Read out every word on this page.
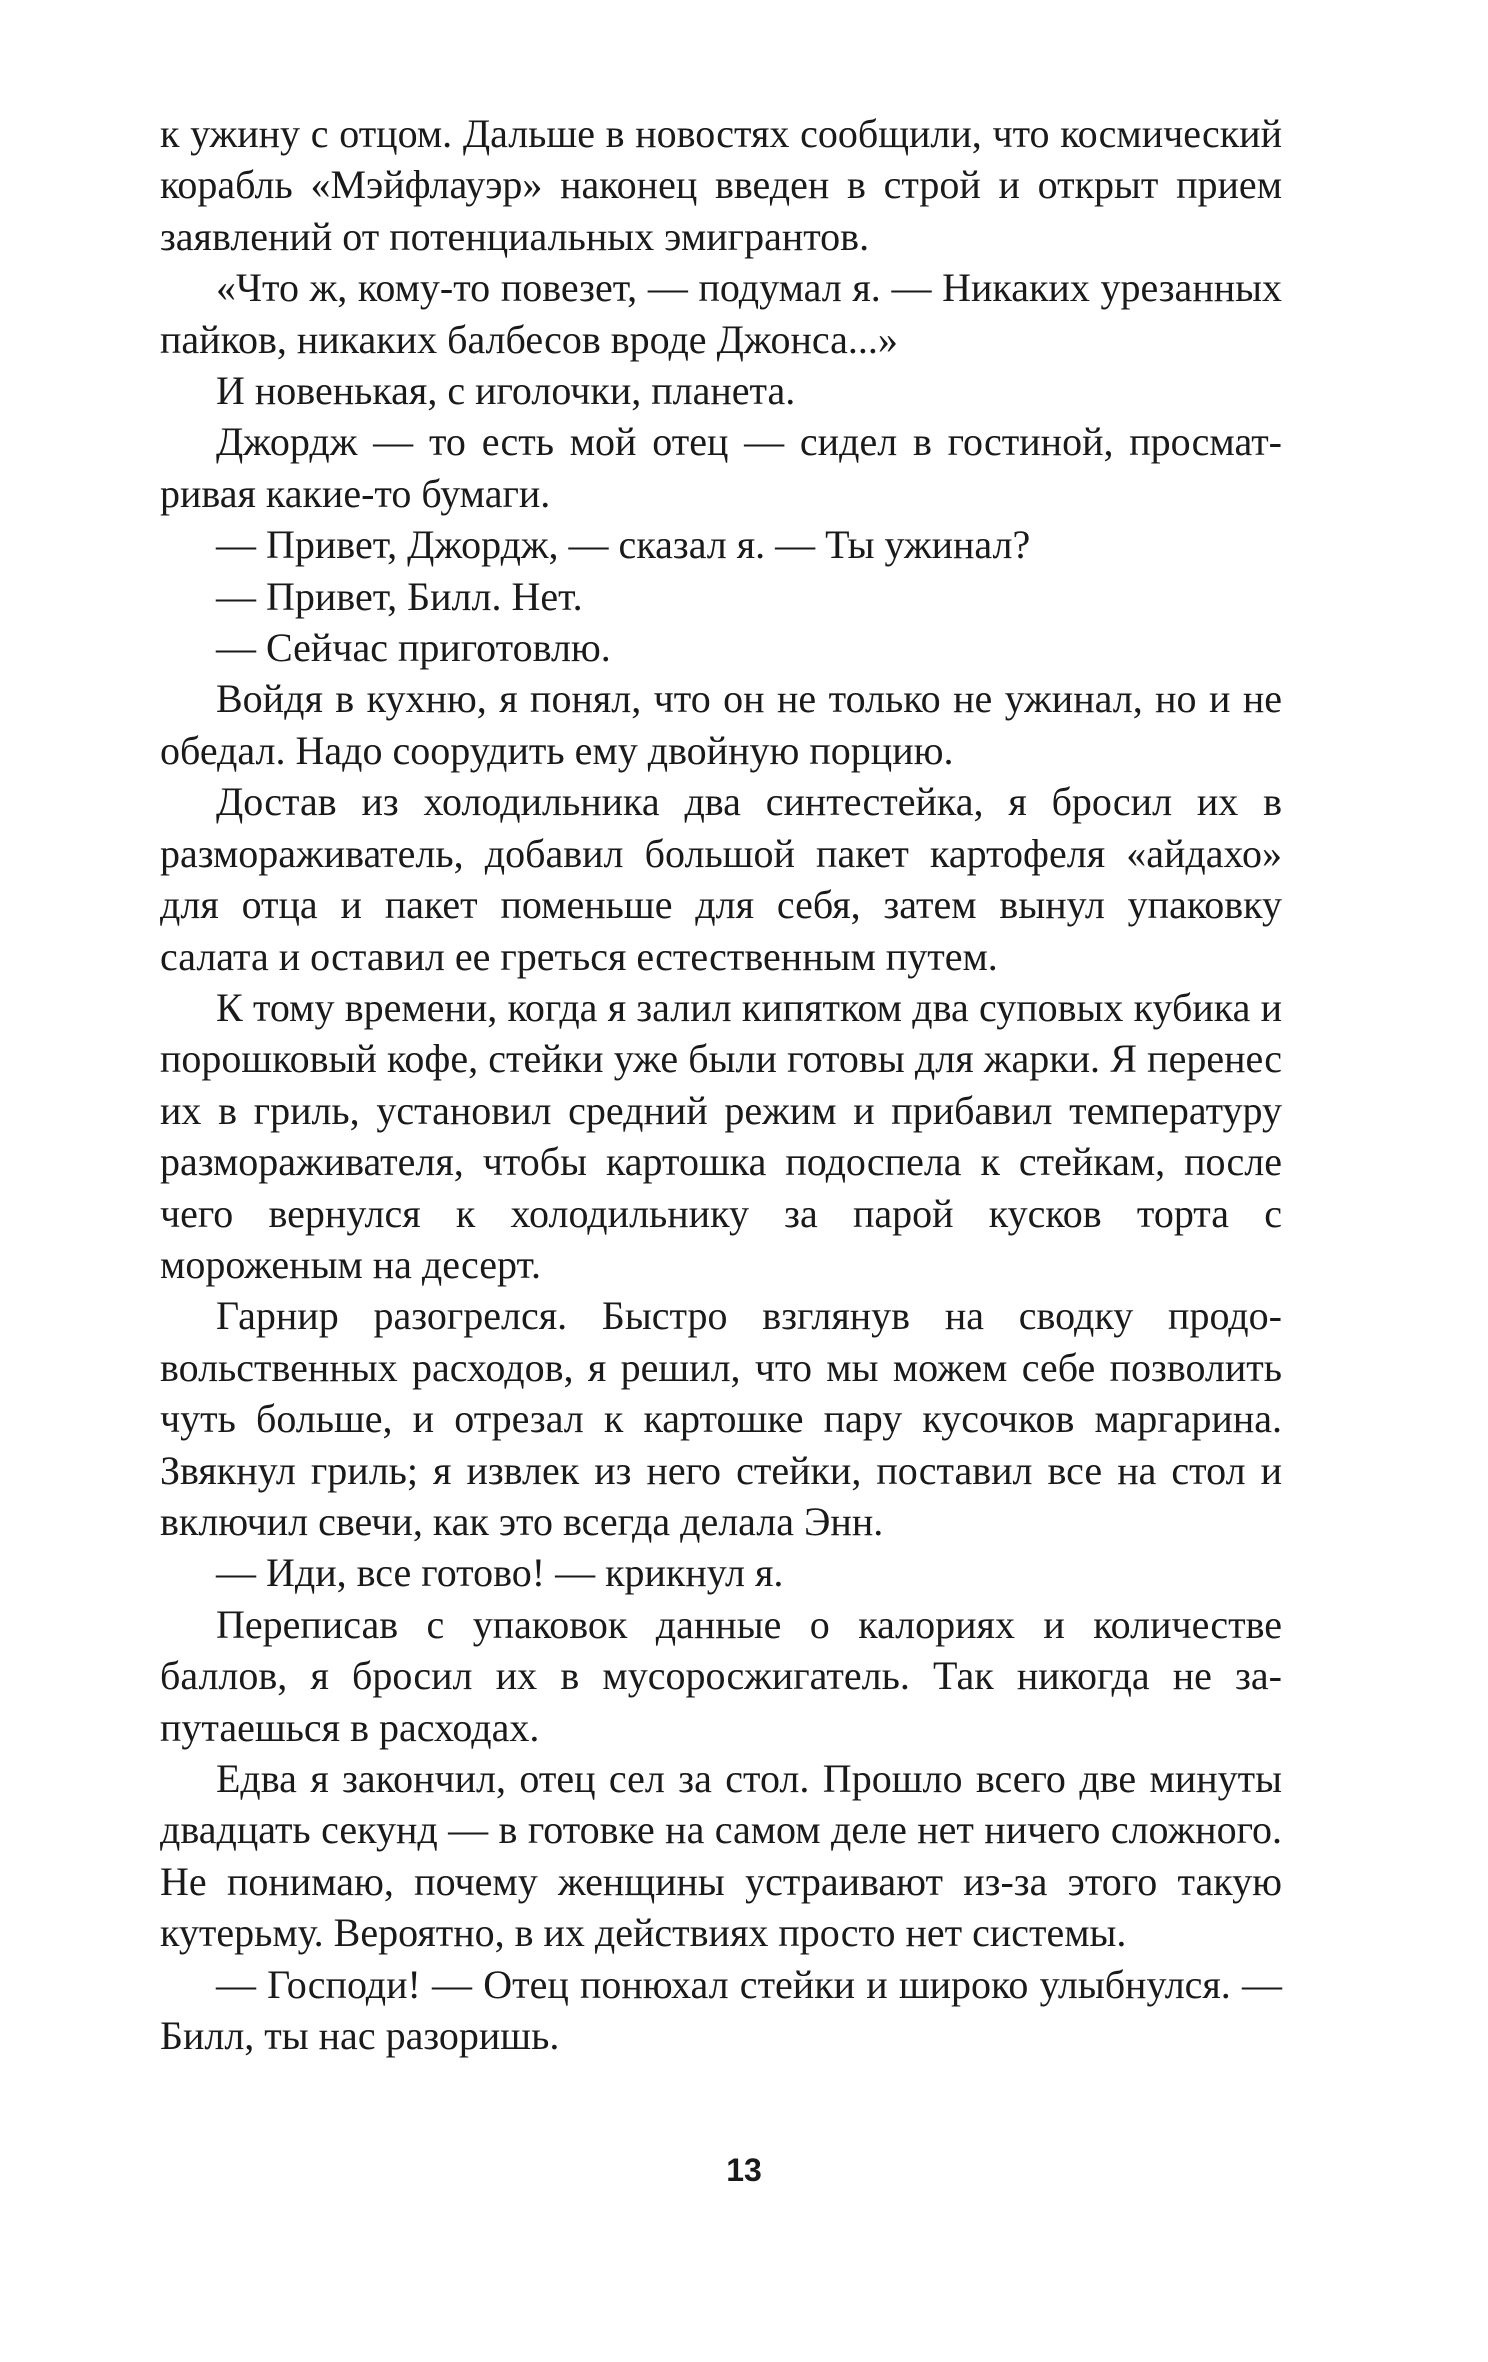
к ужину с отцом. Дальше в новостях сообщили, что космический корабль «Мэйфлауэр» наконец введен в строй и открыт прием заявлений от потенциальных эмигрантов.

«Что ж, кому-то повезет, — подумал я. — Никаких урезанных пайков, никаких балбесов вроде Джонса...»

И новенькая, с иголочки, планета.

Джордж — то есть мой отец — сидел в гостиной, просматривая какие-то бумаги.

— Привет, Джордж, — сказал я. — Ты ужинал?

— Привет, Билл. Нет.

— Сейчас приготовлю.

Войдя в кухню, я понял, что он не только не ужинал, но и не обедал. Надо соорудить ему двойную порцию.

Достав из холодильника два синтестейка, я бросил их в размораживатель, добавил большой пакет картофеля «айдахо» для отца и пакет поменьше для себя, затем вынул упаковку салата и оставил ее греться естественным путем.

К тому времени, когда я залил кипятком два суповых кубика и порошковый кофе, стейки уже были готовы для жарки. Я перенес их в гриль, установил средний режим и прибавил температуру размораживателя, чтобы картошка подоспела к стейкам, после чего вернулся к холодильнику за парой кусков торта с мороженым на десерт.

Гарнир разогрелся. Быстро взглянув на сводку продовольственных расходов, я решил, что мы можем себе позволить чуть больше, и отрезал к картошке пару кусочков маргарина. Звякнул гриль; я извлек из него стейки, поставил все на стол и включил свечи, как это всегда делала Энн.

— Иди, все готово! — крикнул я.

Переписав с упаковок данные о калориях и количестве баллов, я бросил их в мусоросжигатель. Так никогда не запутаешься в расходах.

Едва я закончил, отец сел за стол. Прошло всего две минуты двадцать секунд — в готовке на самом деле нет ничего сложного. Не понимаю, почему женщины устраивают из-за этого такую кутерьму. Вероятно, в их действиях просто нет системы.

— Господи! — Отец понюхал стейки и широко улыбнулся. — Билл, ты нас разоришь.

13
